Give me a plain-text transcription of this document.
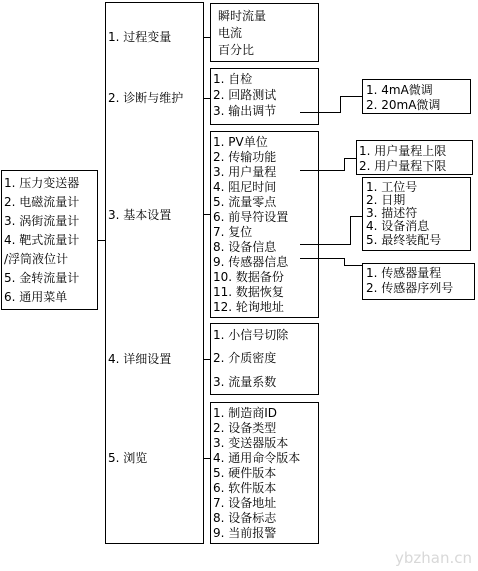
1. 压力变送器
2. 电磁流量计
3. 涡街流量计
4. 靶式流量计
/浮筒液位计
5. 金转流量计
6. 通用菜单
1. 过程变量
2. 诊断与维护
3. 基本设置
4. 详细设置
5. 浏览
瞬时流量
电流
百分比
1. 自检
2. 回路测试
3. 输出调节
1. 4mA微调
2. 20mA微调
1. PV单位
2. 传输功能
3. 用户量程
4. 阻尼时间
5. 流量零点
6. 前导符设置
7. 复位
8. 设备信息
9. 传感器信息
10. 数据备份
11. 数据恢复
12. 轮询地址
1. 用户量程上限
2. 用户量程下限
1. 工位号
2. 日期
3. 描述符
4. 设备消息
5. 最终装配号
1. 传感器量程
2. 传感器序列号
1. 小信号切除
2. 介质密度
3. 流量系数
1. 制造商ID
2. 设备类型
3. 变送器版本
4. 通用命令版本
5. 硬件版本
6. 软件版本
7. 设备地址
8. 设备标志
9. 当前报警
ybzhan.cn
